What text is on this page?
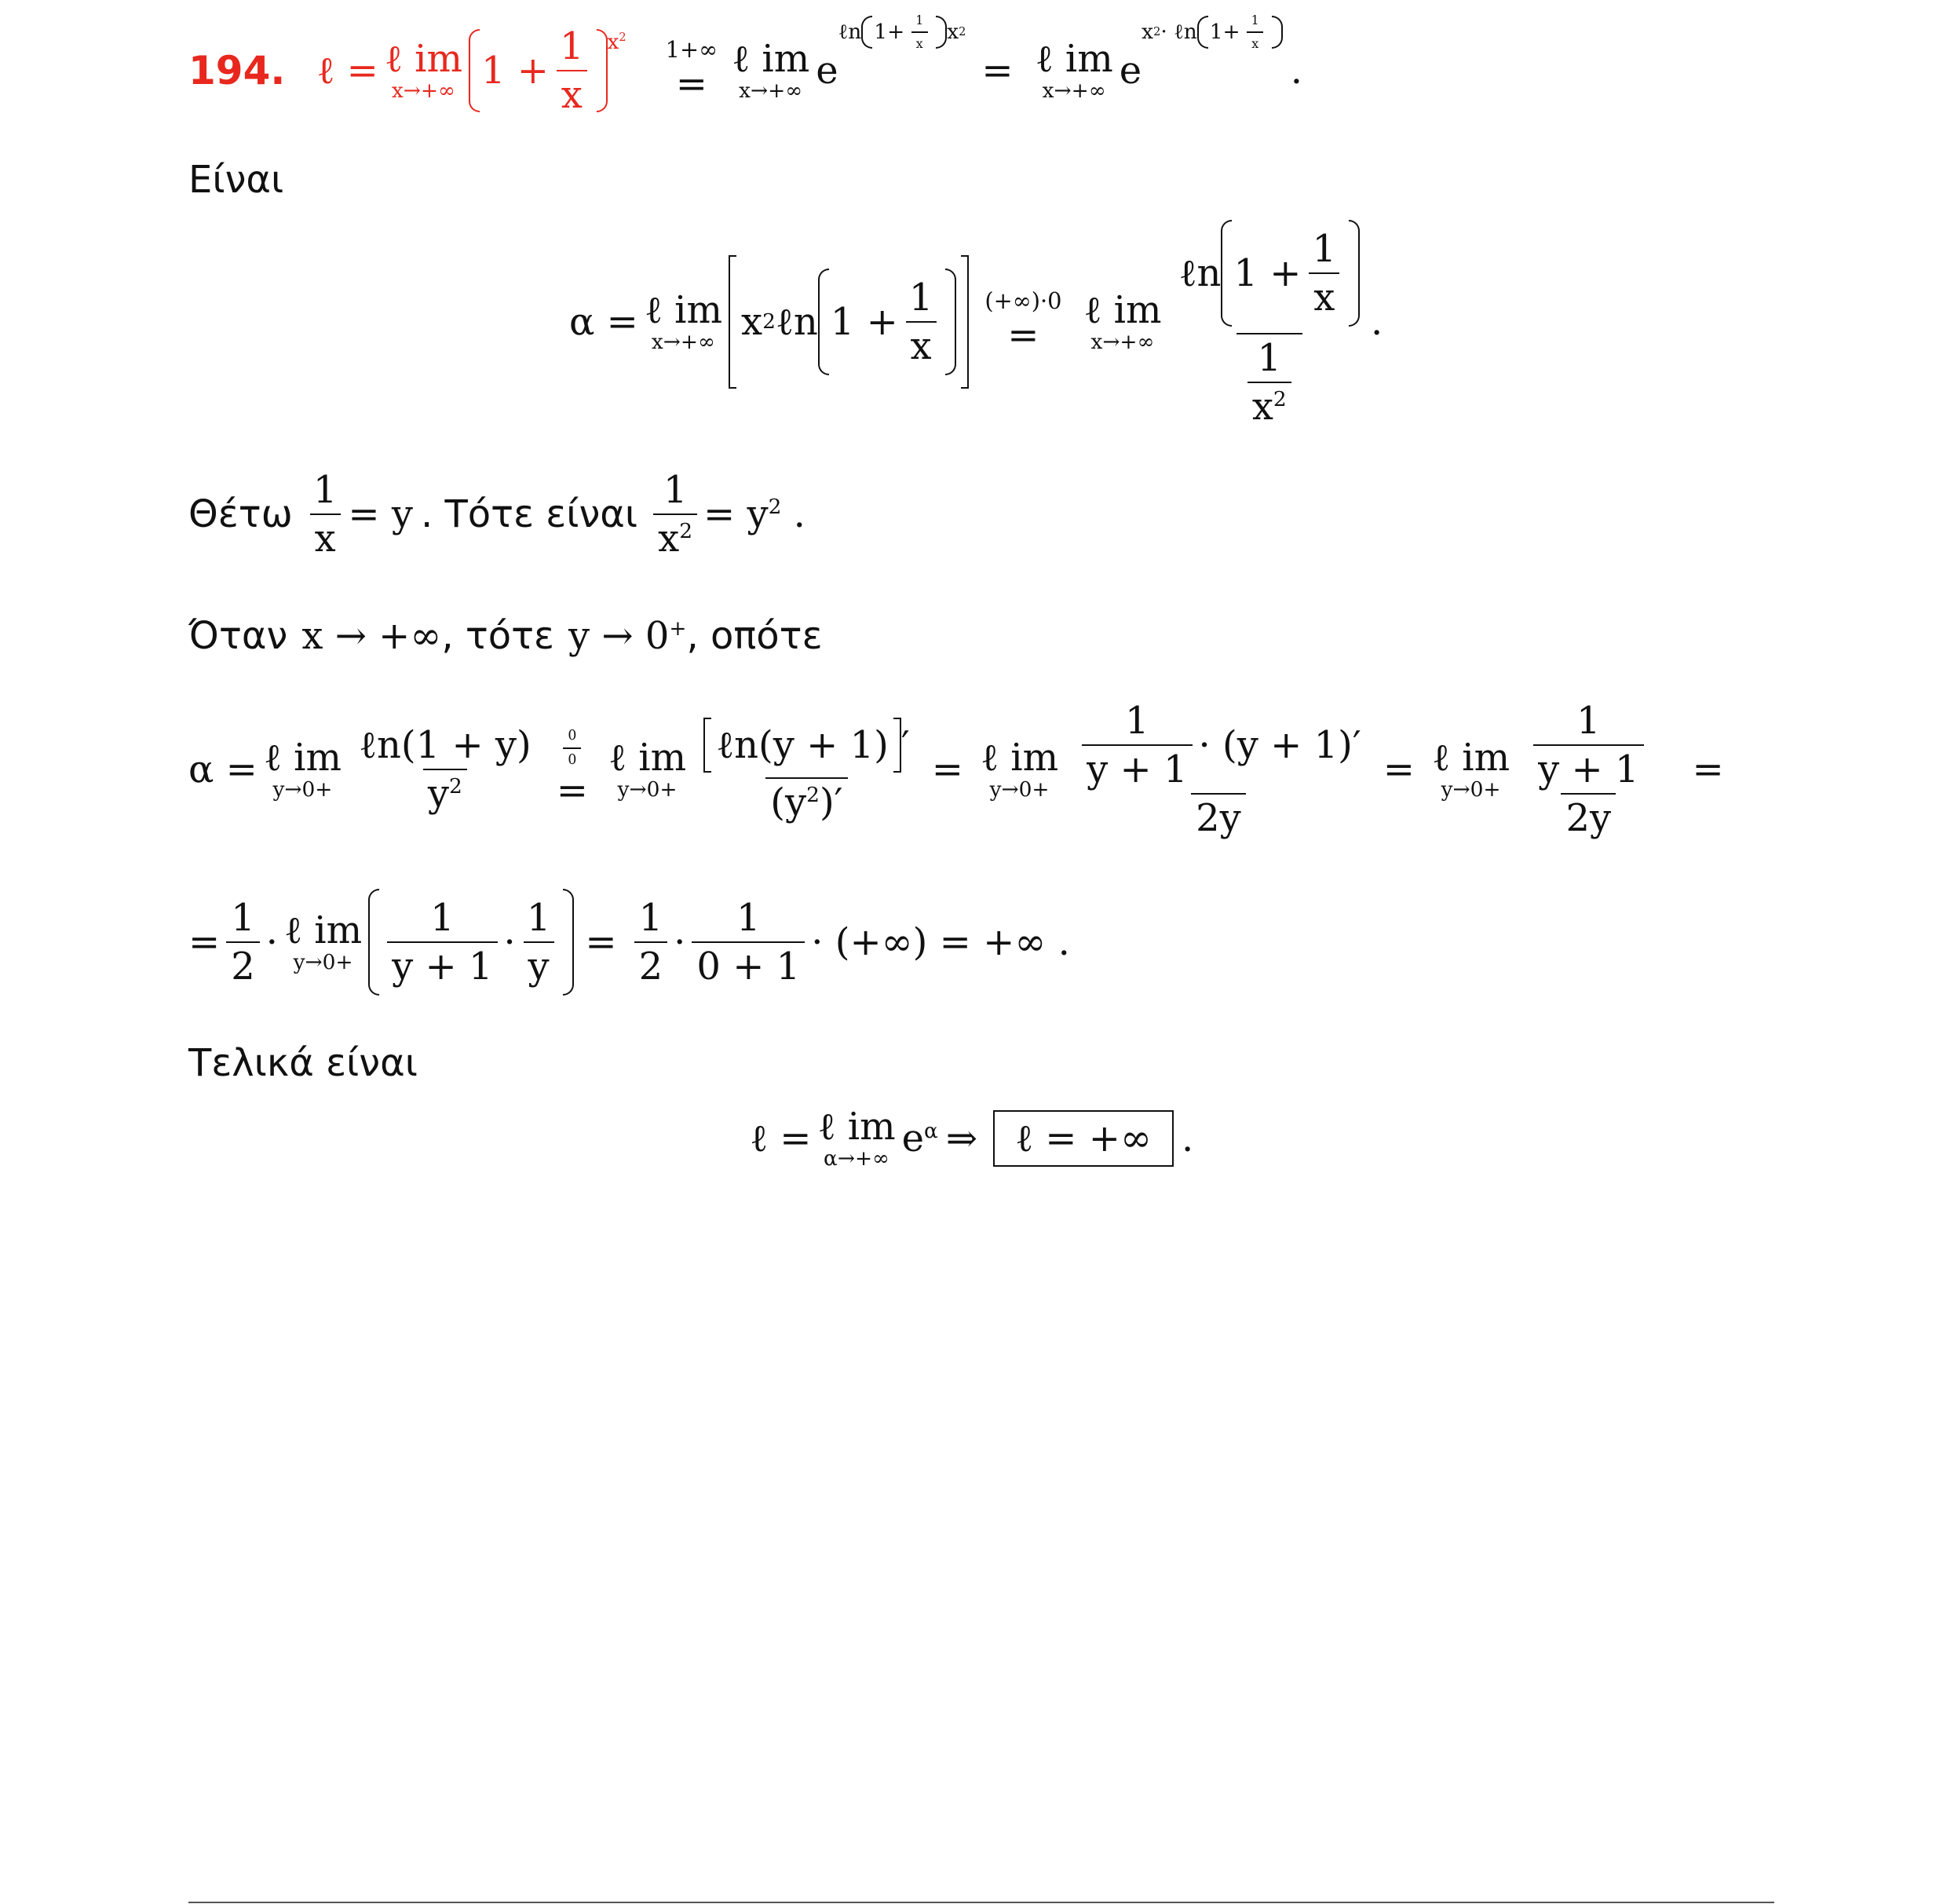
194. ℓ = ℓ im
x→+∞ $1 + \frac{1}{x} x^2$ 1+∞
=
ℓ im
x→+∞ e
ℓn $1+ \frac{1}{x}$ x 2
= ℓ im
x→+∞ e
x 2 · ℓn $1+ \frac{1}{x}$
.
Είναι
α = ℓ im
x→+∞ x 2 ℓn $1 + \frac{1}{x} (+\infty)\cdot 0$
=
ℓ im
$x\to+\infty \frac{\ell n 1 + \frac{1}{x}}{\frac{1}{x^2}}$ .
Θέτω $\frac{1}{x} = y$ . Τότε είναι $\frac{1}{x^2} = y^2$ .
Όταν x → +∞ , τότε y → 0+ , οπότε
α = ℓ im
$y\to 0+ \frac{\text{ℓn(1 + y)}}{y^2} \frac{0}{0}$
=
ℓ im
$y\to 0+ \frac{\text{ℓn(y + 1) ′}}{(y^2)'}$ = ℓ im
$y\to 0+ \frac{\frac{1}{y + 1} \cdot (y + 1)'}{2y}$ = ℓ im
$y\to 0+ \frac{\frac{1}{y + 1}}{2y}$ =
= $\frac{1}{2}$ · ℓ im
$y\to 0+ \frac{1}{y + 1} \cdot \frac{1}{y} = \frac{1}{2} \cdot \frac{1}{0 + 1}$ · (+∞) = +∞ .
Τελικά είναι
ℓ = ℓ im
α→+∞ $e^\alpha$ ⇒	ℓ = +∞ .
